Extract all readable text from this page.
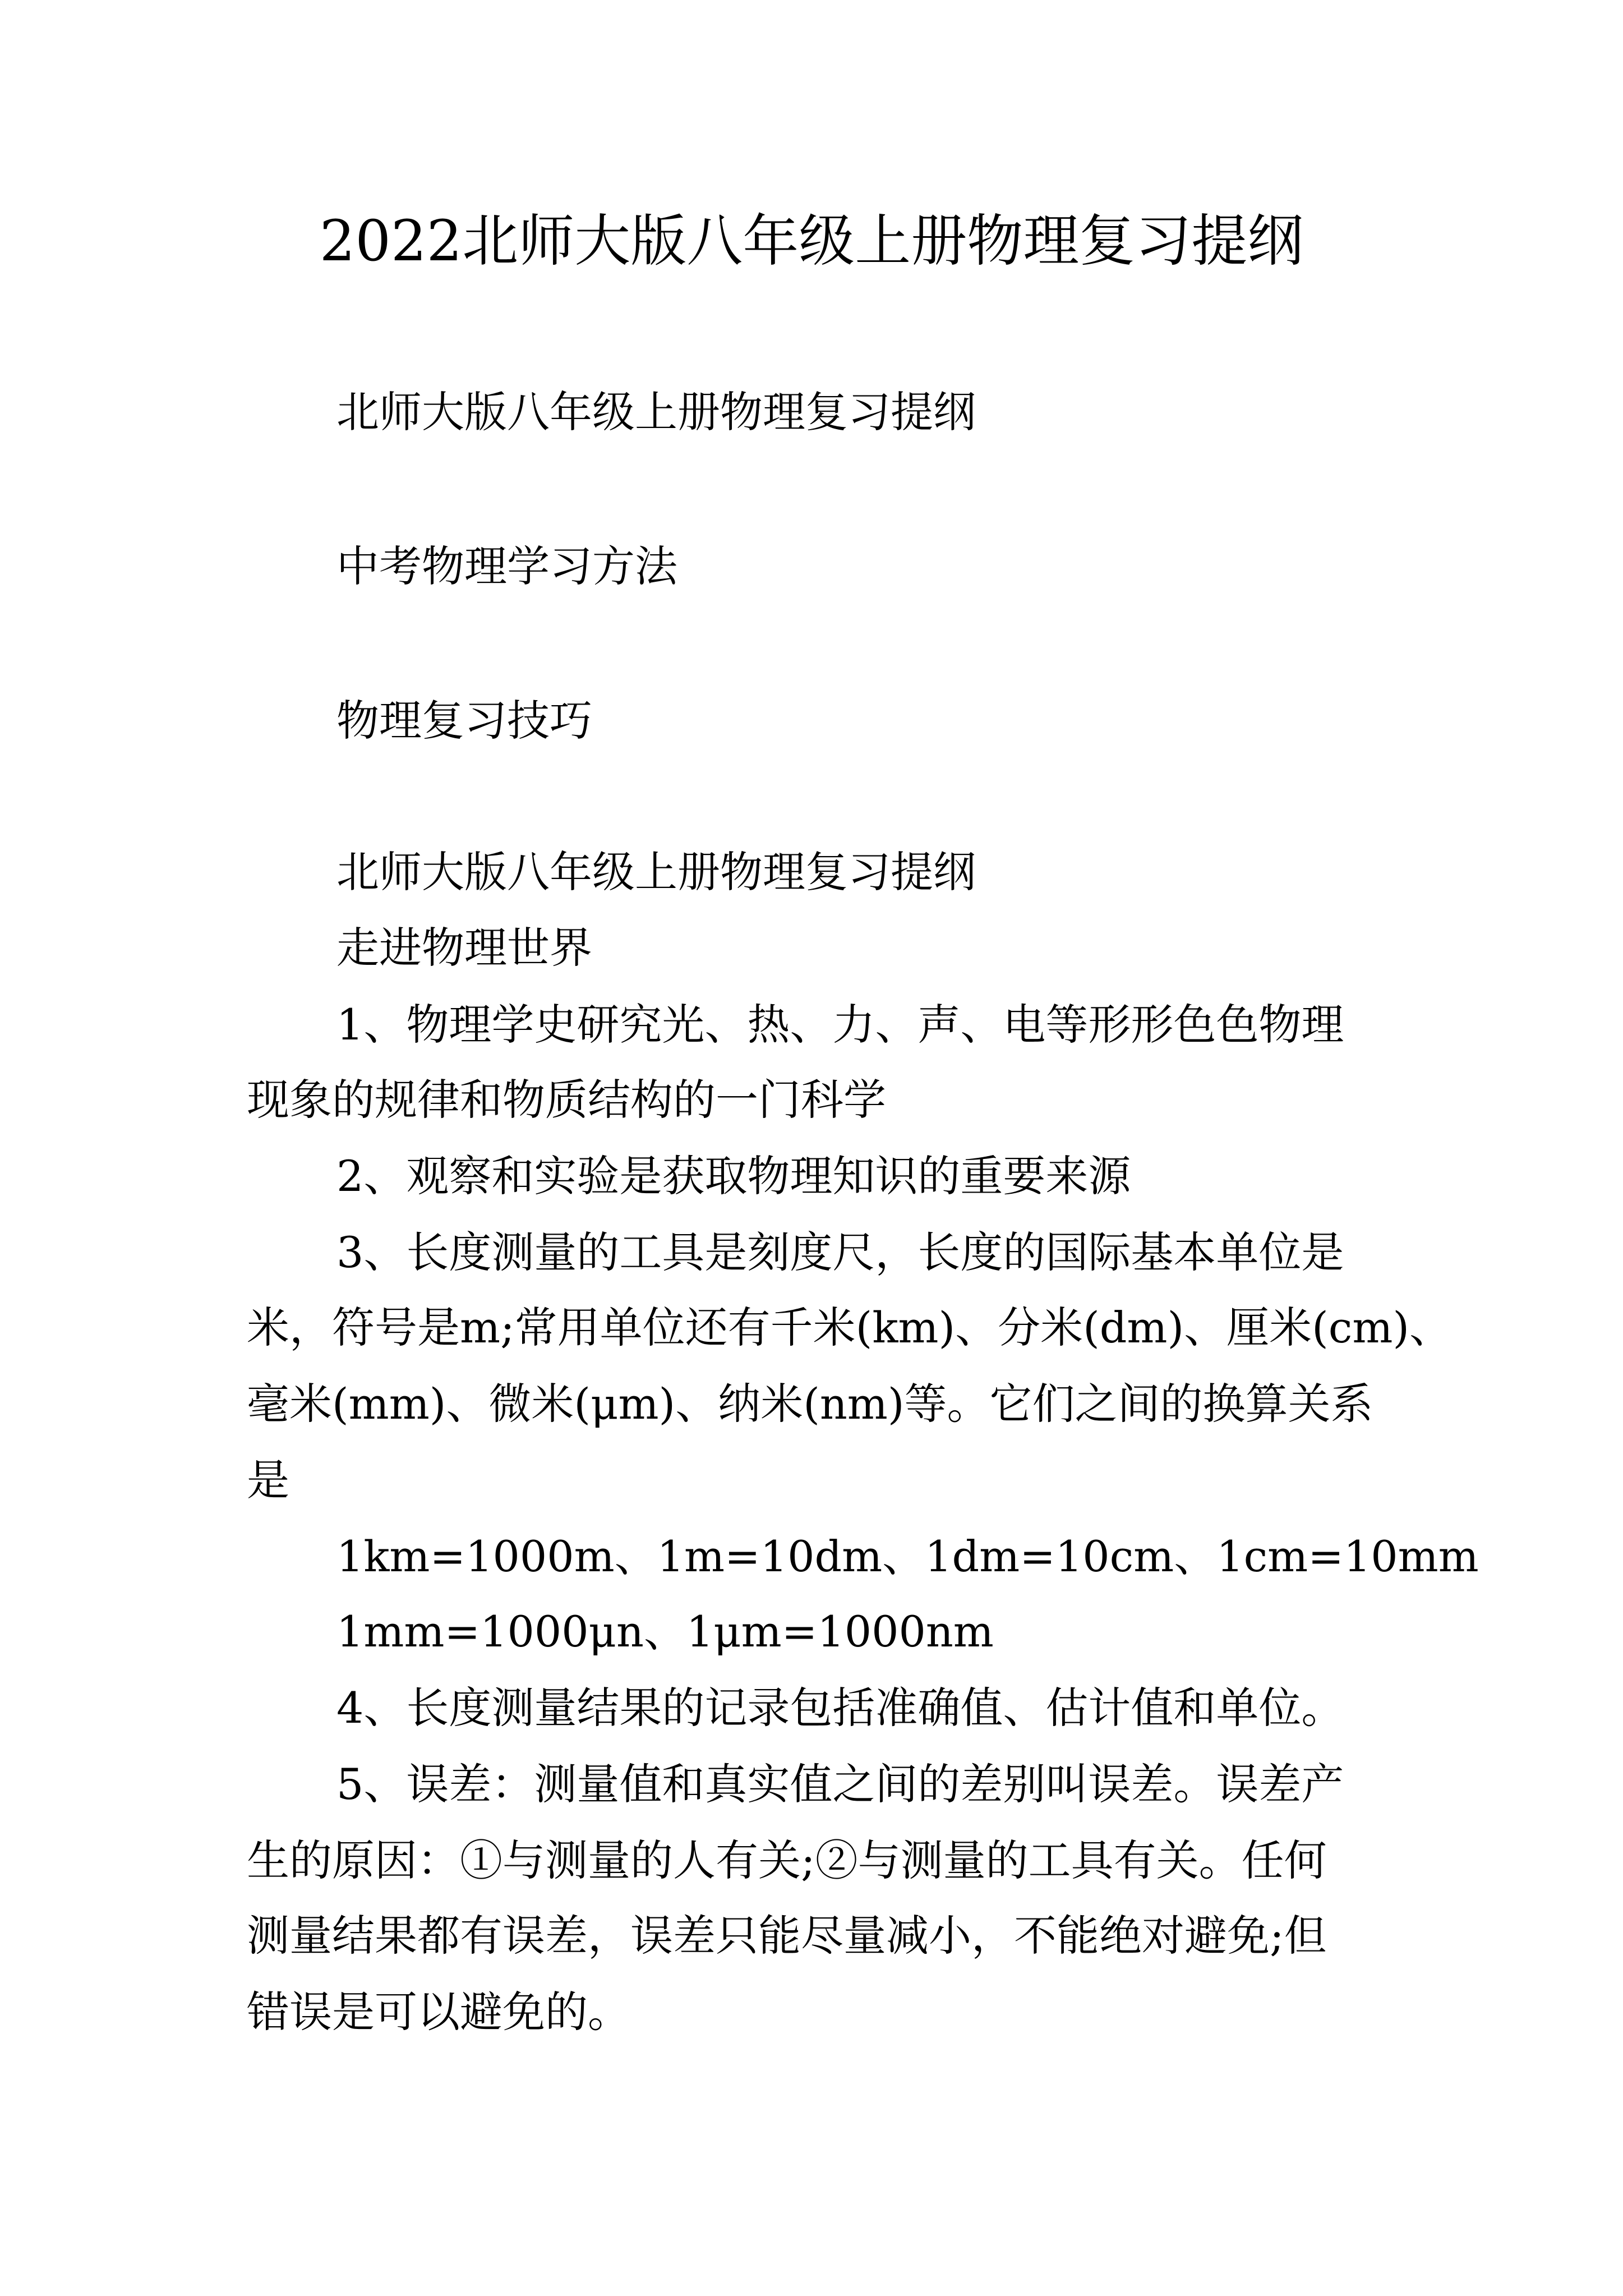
2022北师大版八年级上册物理复习提纲
北师大版八年级上册物理复习提纲
中考物理学习方法
物理复习技巧
北师大版八年级上册物理复习提纲
走进物理世界
1、物理学史研究光、热、力、声、电等形形色色物理
现象的规律和物质结构的一门科学
2、观察和实验是获取物理知识的重要来源
3、长度测量的工具是刻度尺，长度的国际基本单位是
米，符号是m;常用单位还有千米(km)、分米(dm)、厘米(cm)、
毫米(mm)、微米(μm)、纳米(nm)等。它们之间的换算关系
是
1km=1000m、1m=10dm、1dm=10cm、1cm=10mm
1mm=1000μn、1μm=1000nm
4、长度测量结果的记录包括准确值、估计值和单位。
5、误差：测量值和真实值之间的差别叫误差。误差产
生的原因：①与测量的人有关;②与测量的工具有关。任何
测量结果都有误差，误差只能尽量减小，不能绝对避免;但
错误是可以避免的。
